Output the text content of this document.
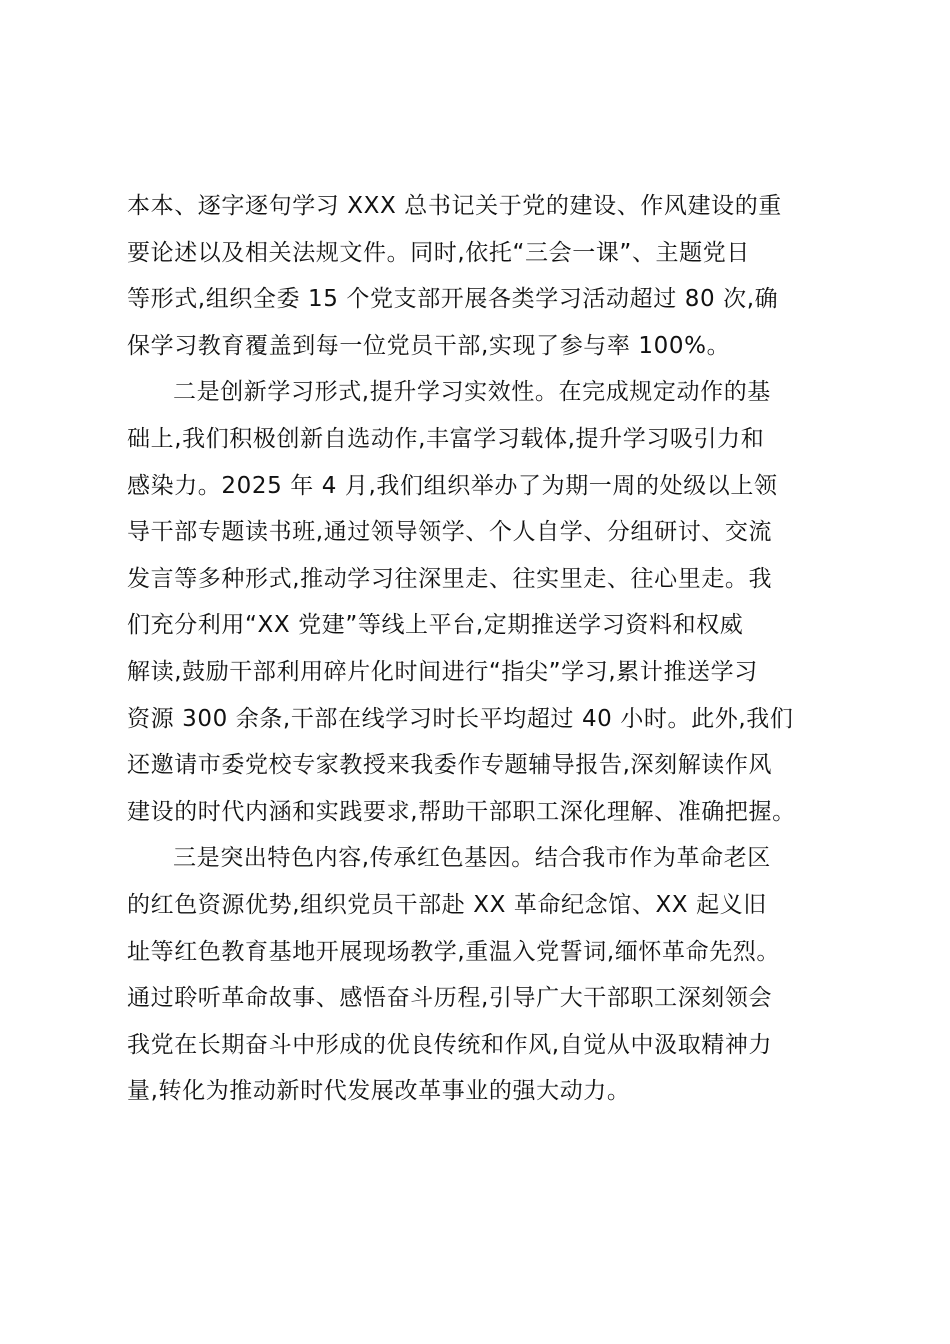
本本、逐字逐句学习 XXX 总书记关于党的建设、作风建设的重
要论述以及相关法规文件。同时,依托“三会一课”、主题党日
等形式,组织全委 15 个党支部开展各类学习活动超过 80 次,确
保学习教育覆盖到每一位党员干部,实现了参与率 100%。
二是创新学习形式,提升学习实效性。在完成规定动作的基
础上,我们积极创新自选动作,丰富学习载体,提升学习吸引力和
感染力。2025 年 4 月,我们组织举办了为期一周的处级以上领
导干部专题读书班,通过领导领学、个人自学、分组研讨、交流
发言等多种形式,推动学习往深里走、往实里走、往心里走。我
们充分利用“XX 党建”等线上平台,定期推送学习资料和权威
解读,鼓励干部利用碎片化时间进行“指尖”学习,累计推送学习
资源 300 余条,干部在线学习时长平均超过 40 小时。此外,我们
还邀请市委党校专家教授来我委作专题辅导报告,深刻解读作风
建设的时代内涵和实践要求,帮助干部职工深化理解、准确把握。
三是突出特色内容,传承红色基因。结合我市作为革命老区
的红色资源优势,组织党员干部赴 XX 革命纪念馆、XX 起义旧
址等红色教育基地开展现场教学,重温入党誓词,缅怀革命先烈。
通过聆听革命故事、感悟奋斗历程,引导广大干部职工深刻领会
我党在长期奋斗中形成的优良传统和作风,自觉从中汲取精神力
量,转化为推动新时代发展改革事业的强大动力。
